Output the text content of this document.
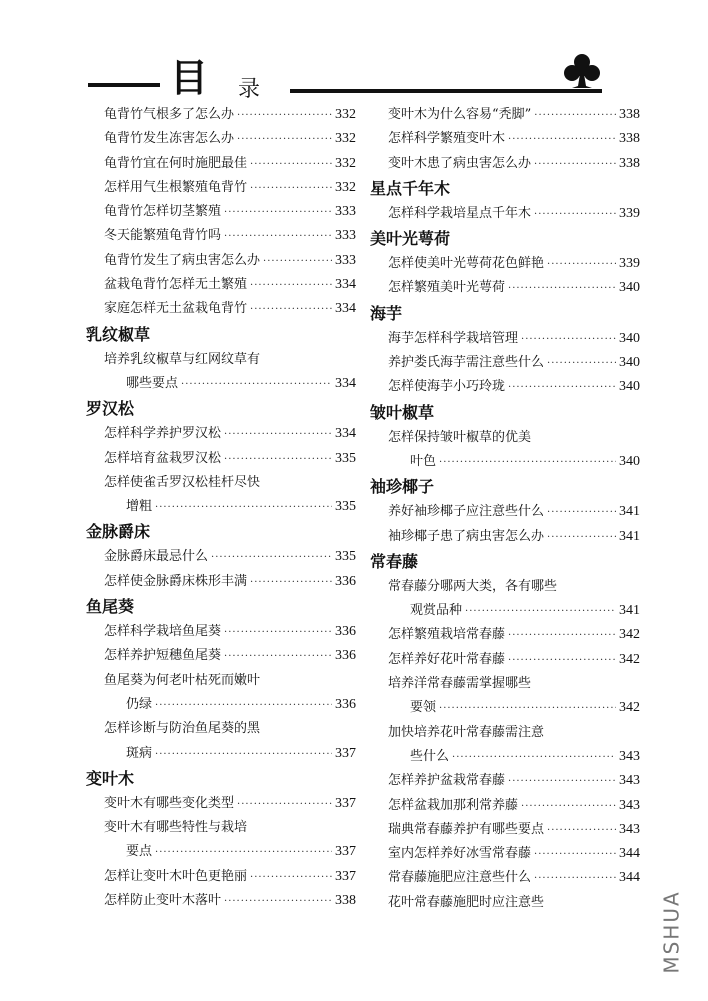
目 录
龟背竹气根多了怎么办 ·····	332
龟背竹发生冻害怎么办 ·····	332
龟背竹宜在何时施肥最佳 ·····	332
怎样用气生根繁殖龟背竹 ·····	332
龟背竹怎样切茎繁殖 ·····	333
冬天能繁殖龟背竹吗 ·····	333
龟背竹发生了病虫害怎么办 ·····	333
盆栽龟背竹怎样无土繁殖 ·····	334
家庭怎样无土盆栽龟背竹 ·····	334
乳纹椒草
培养乳纹椒草与红网纹草有
哪些要点 ·····	334
罗汉松
怎样科学养护罗汉松 ·····	334
怎样培育盆栽罗汉松 ·····	335
怎样使雀舌罗汉松桂杆尽快
增粗 ·····	335
金脉爵床
金脉爵床最忌什么 ·····	335
怎样使金脉爵床株形丰满 ·····	336
鱼尾葵
怎样科学栽培鱼尾葵 ·····	336
怎样养护短穗鱼尾葵 ·····	336
鱼尾葵为何老叶枯死而嫩叶
仍绿 ·····	336
怎样诊断与防治鱼尾葵的黑
斑病 ·····	337
变叶木
变叶木有哪些变化类型 ·····	337
变叶木有哪些特性与栽培
要点 ·····	337
怎样让变叶木叶色更艳丽 ·····	337
怎样防止变叶木落叶 ·····	338
变叶木为什么容易“秃脚” ·····	338
怎样科学繁殖变叶木 ·····	338
变叶木患了病虫害怎么办 ·····	338
星点千年木
怎样科学栽培星点千年木 ·····	339
美叶光萼荷
怎样使美叶光萼荷花色鲜艳 ·····	339
怎样繁殖美叶光萼荷 ·····	340
海芋
海芋怎样科学栽培管理 ·····	340
养护娄氏海芋需注意些什么 ·····	340
怎样使海芋小巧玲珑 ·····	340
皱叶椒草
怎样保持皱叶椒草的优美
叶色 ·····	340
袖珍椰子
养好袖珍椰子应注意些什么 ·····	341
袖珍椰子患了病虫害怎么办 ·····	341
常春藤
常春藤分哪两大类，各有哪些
观赏品种 ·····	341
怎样繁殖栽培常春藤 ·····	342
怎样养好花叶常春藤 ·····	342
培养洋常春藤需掌握哪些
要领 ·····	342
加快培养花叶常春藤需注意
些什么 ·····	343
怎样养护盆栽常春藤 ·····	343
怎样盆栽加那利常养藤 ·····	343
瑞典常春藤养护有哪些要点 ·····	343
室内怎样养好冰雪常春藤 ·····	344
常春藤施肥应注意些什么 ·····	344
花叶常春藤施肥时应注意些	MSHUA
